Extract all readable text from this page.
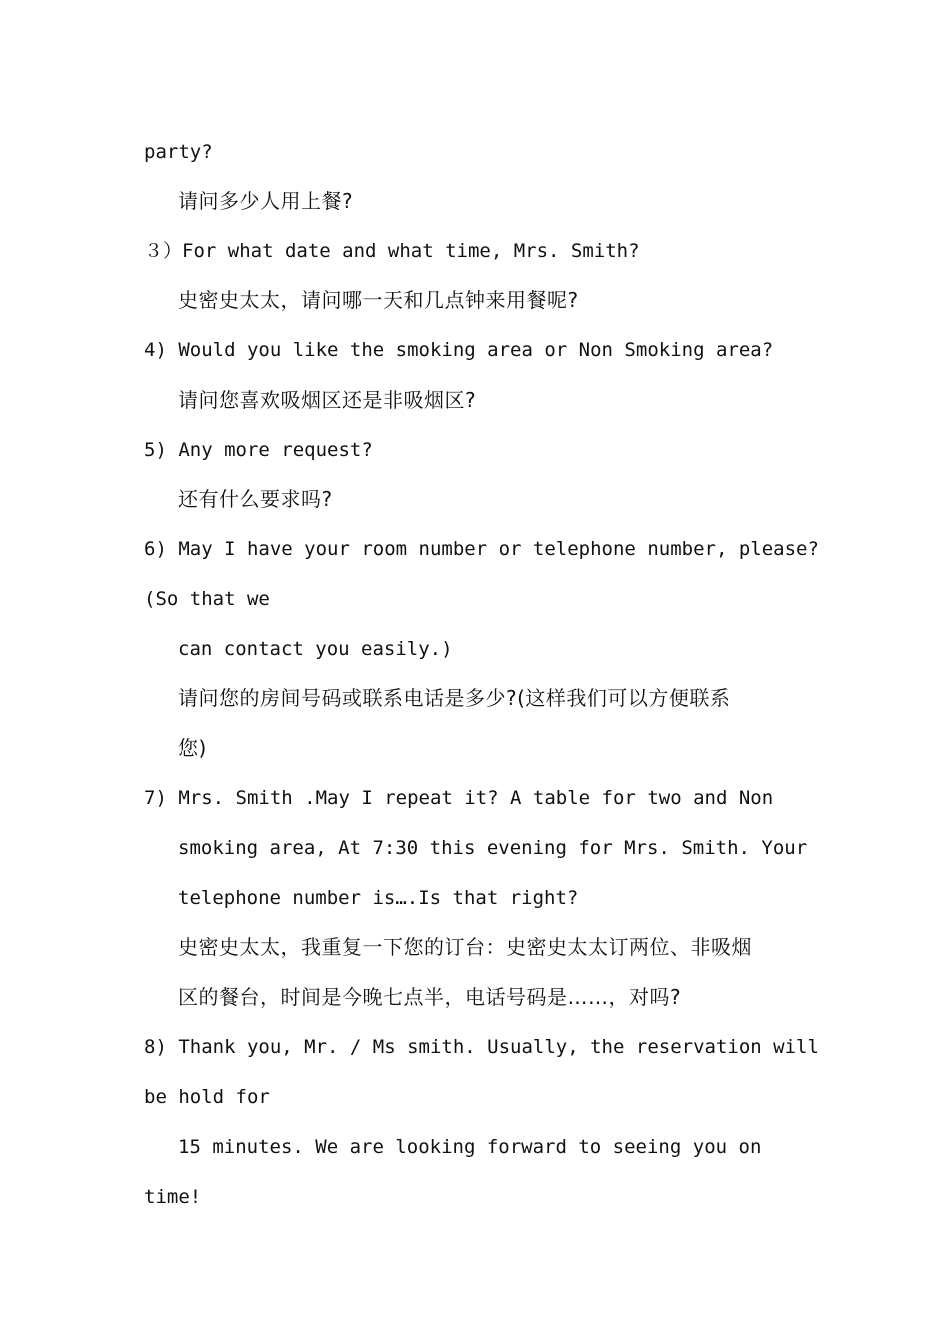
party?
请问多少人用上餐?
３）For what date and what time, Mrs. Smith?
史密史太太，请问哪一天和几点钟来用餐呢?
4) Would you like the smoking area or Non Smoking area?
请问您喜欢吸烟区还是非吸烟区?
5) Any more request?
还有什么要求吗?
6) May I have your room number or telephone number, please?
(So that we
can contact you easily.)
请问您的房间号码或联系电话是多少?(这样我们可以方便联系
您)
7) Mrs. Smith .May I repeat it? A table for two and Non
smoking area, At 7:30 this evening for Mrs. Smith. Your
telephone number is….Is that right?
史密史太太，我重复一下您的订台：史密史太太订两位、非吸烟
区的餐台，时间是今晚七点半，电话号码是……，对吗?
8) Thank you, Mr. / Ms smith. Usually, the reservation will
be hold for
15 minutes. We are looking forward to seeing you on
time!
